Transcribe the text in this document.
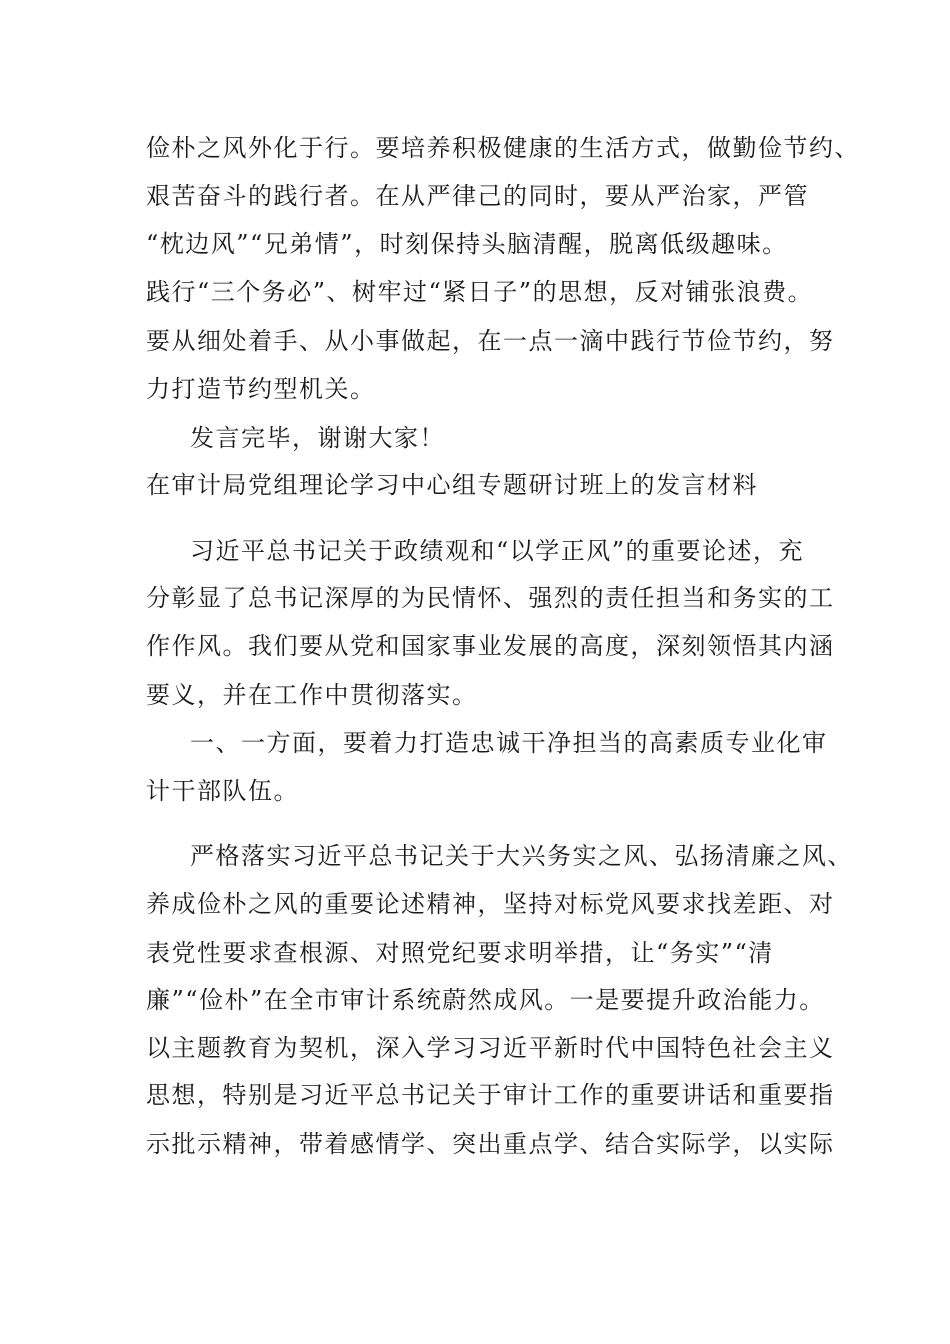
俭朴之风外化于行。要培养积极健康的生活方式，做勤俭节约、
艰苦奋斗的践行者。在从严律己的同时，要从严治家，严管
“枕边风”“兄弟情”，时刻保持头脑清醒，脱离低级趣味。
践行“三个务必”、树牢过“紧日子”的思想，反对铺张浪费。
要从细处着手、从小事做起，在一点一滴中践行节俭节约，努
力打造节约型机关。
发言完毕，谢谢大家！
在审计局党组理论学习中心组专题研讨班上的发言材料
习近平总书记关于政绩观和“以学正风”的重要论述，充
分彰显了总书记深厚的为民情怀、强烈的责任担当和务实的工
作作风。我们要从党和国家事业发展的高度，深刻领悟其内涵
要义，并在工作中贯彻落实。
一、一方面，要着力打造忠诚干净担当的高素质专业化审
计干部队伍。
严格落实习近平总书记关于大兴务实之风、弘扬清廉之风、
养成俭朴之风的重要论述精神，坚持对标党风要求找差距、对
表党性要求查根源、对照党纪要求明举措，让“务实”“清
廉”“俭朴”在全市审计系统蔚然成风。一是要提升政治能力。
以主题教育为契机，深入学习习近平新时代中国特色社会主义
思想，特别是习近平总书记关于审计工作的重要讲话和重要指
示批示精神，带着感情学、突出重点学、结合实际学，以实际
